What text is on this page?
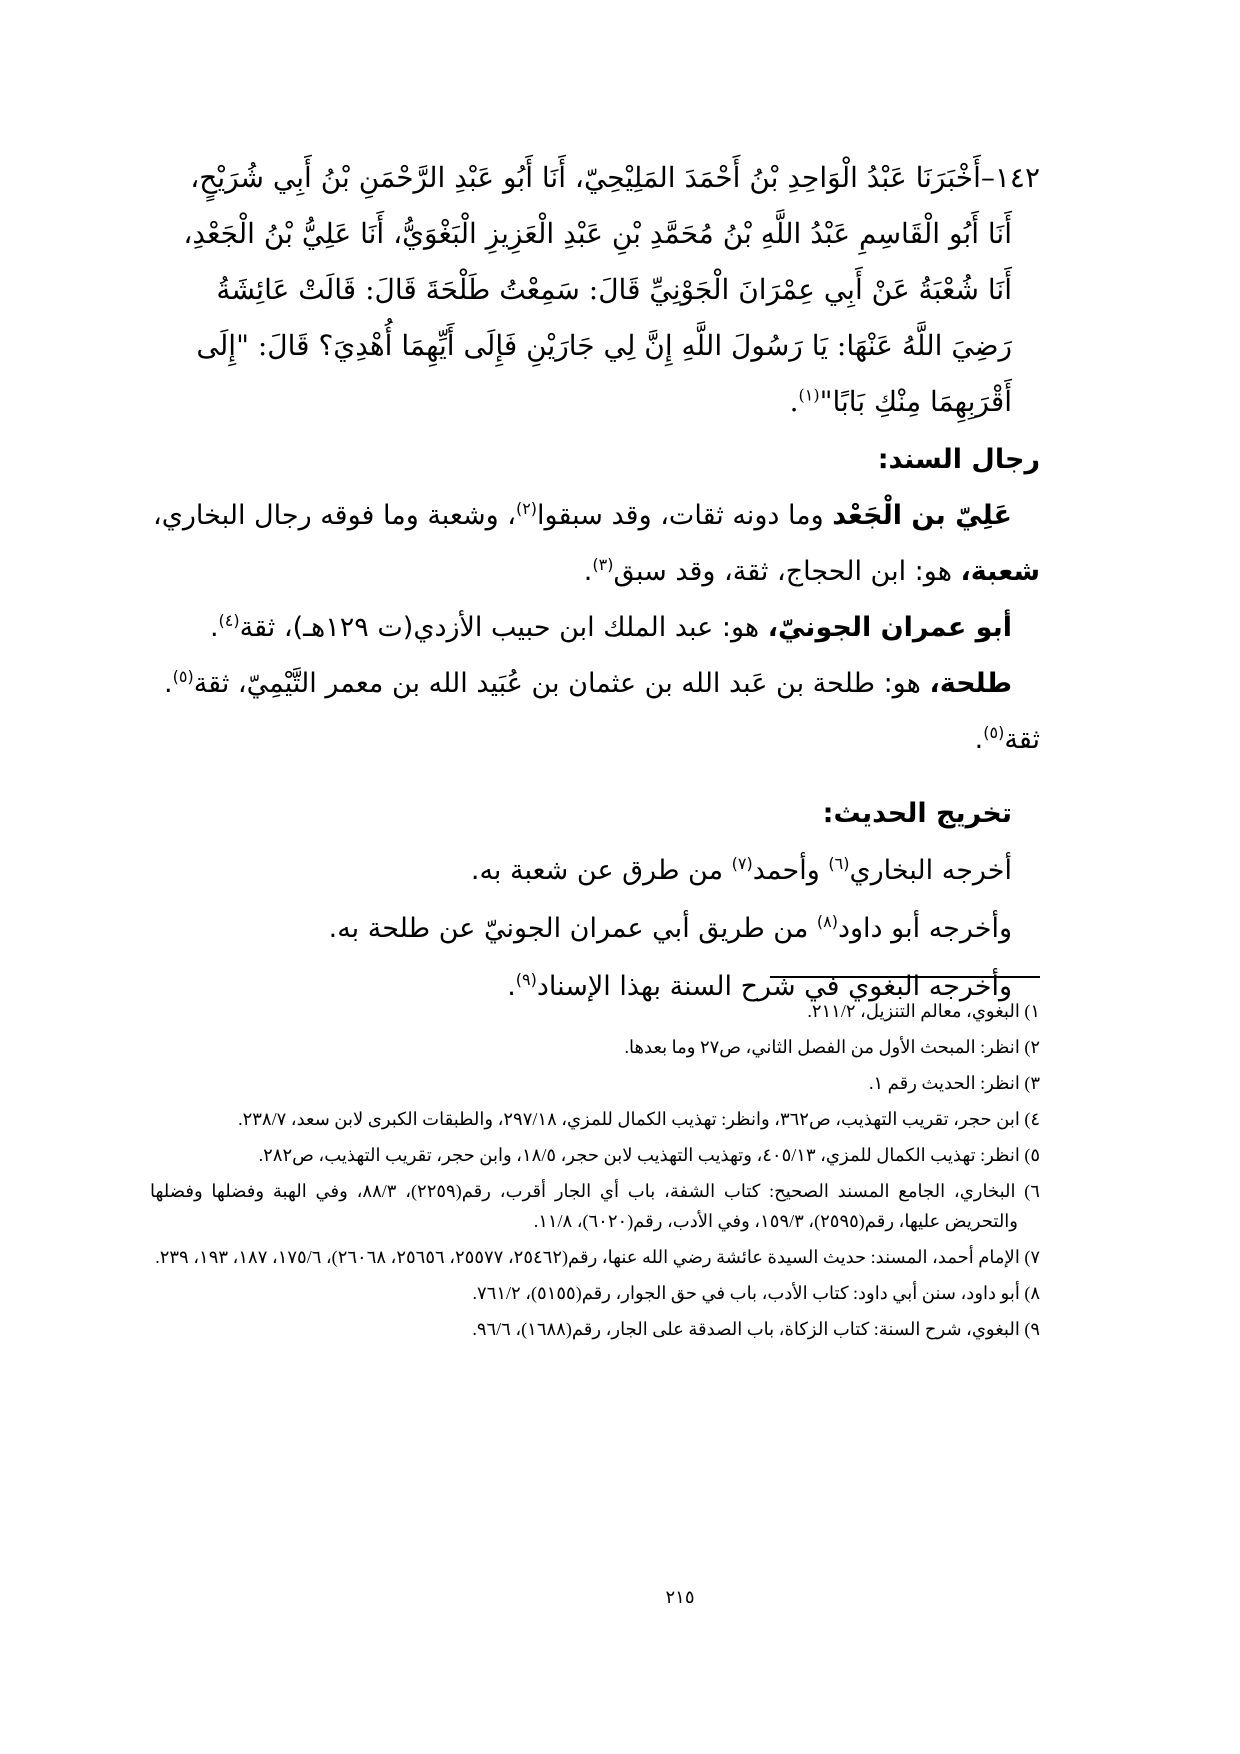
١٤٢–أَخْبَرَنَا عَبْدُ الْوَاحِدِ بْنُ أَحْمَدَ المَلِيْحِيّ، أَنَا أَبُو عَبْدِ الرَّحْمَنِ بْنُ أَبِي شُرَيْحٍ،

أَنَا أَبُو الْقَاسِمِ عَبْدُ اللَّهِ بْنُ مُحَمَّدِ بْنِ عَبْدِ الْعَزِيزِ الْبَغْوَيُّ، أَنَا عَلِيُّ بْنُ الْجَعْدِ،

أَنَا شُعْبَةُ عَنْ أَبِي عِمْرَانَ الْجَوْنِيِّ قَالَ: سَمِعْتُ طَلْحَةَ قَالَ: قَالَتْ عَائِشَةُ

رَضِيَ اللَّهُ عَنْهَا: يَا رَسُولَ اللَّهِ إِنَّ لِي جَارَيْنِ فَإِلَى أَيِّهِمَا أُهْدِيَ؟ قَالَ: "إِلَى

أَقْرَبِهِمَا مِنْكِ بَابًا"$^{(١)}$.

رجال السند:

عَلِيّ بن الْجَعْد وما دونه ثقات، وقد سبقوا$^{(٢)}$، وشعبة وما فوقه رجال البخاري،

شعبة، هو: ابن الحجاج، ثقة، وقد سبق$^{(٣)}$.

أبو عمران الجونيّ، هو: عبد الملك ابن حبيب الأزدي(ت ١٢٩هـ)، ثقة$^{(٤)}$.

طلحة، هو: طلحة بن عَبد الله بن عثمان بن عُبَيد الله بن معمر التَّيْمِيّ، ثقة$^{(٥)}$.

ثقة$^{(٥)}$.

تخريج الحديث:

أخرجه البخاري$^{(٦)}$ وأحمد$^{(٧)}$ من طرق عن شعبة به.

وأخرجه أبو داود$^{(٨)}$ من طريق أبي عمران الجونيّ عن طلحة به.

وأخرجه البغوي في شرح السنة بهذا الإسناد$^{(٩)}$.

١) البغوي، معالم التنزيل، ٢١١/٢.

٢) انظر: المبحث الأول من الفصل الثاني، ص٢٧ وما بعدها.

٣) انظر: الحديث رقم ١.

٤) ابن حجر، تقريب التهذيب، ص٣٦٢، وانظر: تهذيب الكمال للمزي، ٢٩٧/١٨، والطبقات الكبرى لابن سعد، ٢٣٨/٧.

٥) انظر: تهذيب الكمال للمزي، ٤٠٥/١٣، وتهذيب التهذيب لابن حجر، ١٨/٥، وابن حجر، تقريب التهذيب، ص٢٨٢.

٦) البخاري، الجامع المسند الصحيح: كتاب الشفة، باب أي الجار أقرب، رقم(٢٢٥٩)، ٨٨/٣، وفي الهبة وفضلها وفضلها والتحريض عليها، رقم(٢٥٩٥)، ١٥٩/٣، وفي الأدب، رقم(٦٠٢٠)، ١١/٨.

٧) الإمام أحمد، المسند: حديث السيدة عائشة رضي الله عنها، رقم(٢٥٤٦٢، ٢٥٥٧٧، ٢٥٦٥٦، ٢٦٠٦٨)، ١٧٥/٦، ١٨٧، ١٩٣، ٢٣٩.

٨) أبو داود، سنن أبي داود: كتاب الأدب، باب في حق الجوار، رقم(٥١٥٥)، ٧٦١/٢.

٩) البغوي، شرح السنة: كتاب الزكاة، باب الصدقة على الجار، رقم(١٦٨٨)، ٩٦/٦.

٢١٥
